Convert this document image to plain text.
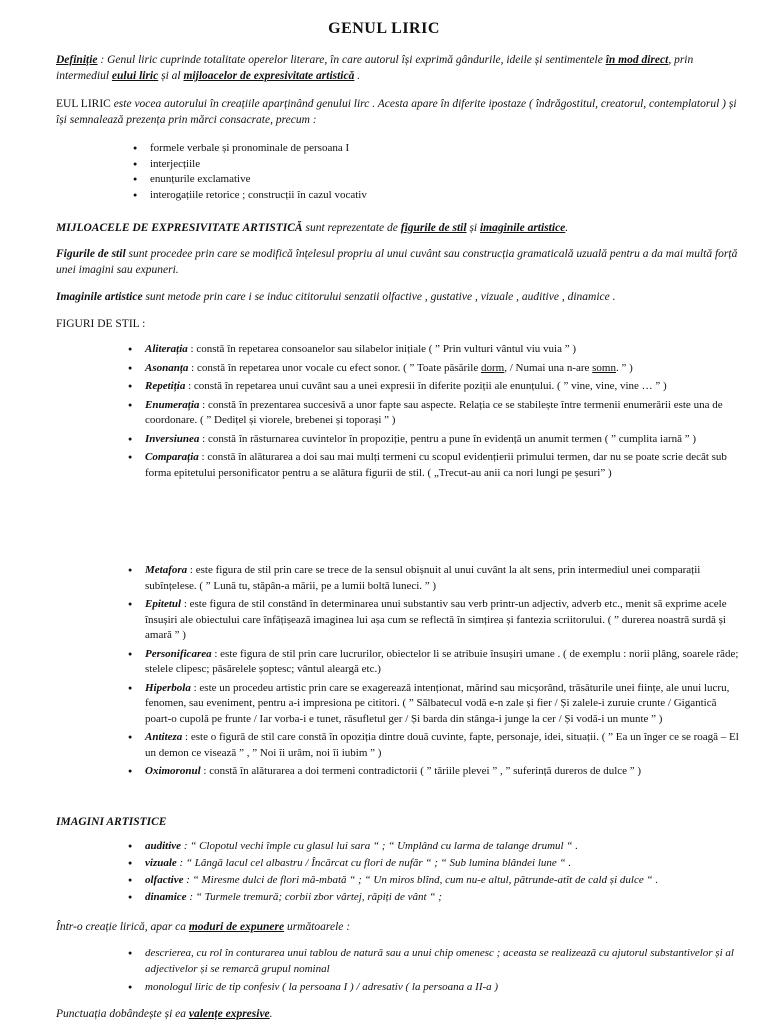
GENUL LIRIC

Definiție : Genul liric cuprinde totalitate operelor literare, în care autorul își exprimă gândurile, ideile și sentimentele în mod direct, prin intermediul eului liric și al mijloacelor de expresivitate artistică .

EUL LIRIC este vocea autorului în creațiile aparținând genului lirc . Acesta apare în diferite ipostaze ( îndrăgostitul, creatorul, contemplatorul ) și își semnalează prezența prin mărci consacrate, precum :

● formele verbale și pronominale de persoana I
● interjecțiile
● enunțurile exclamative
● interogațiile retorice ; construcții în cazul vocativ

MIJLOACELE DE EXPRESIVITATE ARTISTICĂ sunt reprezentate de figurile de stil și imaginile artistice.

Figurile de stil sunt procedee prin care se modifică înțelesul propriu al unui cuvânt sau construcția gramaticală uzuală pentru a da mai multă forță unei imagini sau expuneri.

Imaginile artistice sunt metode prin care i se induc cititorului senzatii olfactive , gustative , vizuale , auditive , dinamice .

FIGURI DE STIL :

● Aliterația : constă în repetarea consoanelor sau silabelor inițiale ( ” Prin vulturi vântul viu vuia ” )
● Asonanța : constă în repetarea unor vocale cu efect sonor. ( ” Toate păsările dorm, / Numai una n-are somn. ” )
● Repetiția : constă în repetarea unui cuvânt sau a unei expresii în diferite poziții ale enunțului. ( ” vine, vine, vine … ” )
● Enumerația : constă în prezentarea succesivă a unor fapte sau aspecte. Relația ce se stabilește între termenii enumerării este una de coordonare. ( ” Dedițel și viorele, brebenei și toporași ” )
● Inversiunea : constă în răsturnarea cuvintelor în propoziție, pentru a pune în evidență un anumit termen ( ” cumplita iarnă ” )
● Comparația : constă în alăturarea a doi sau mai mulți termeni cu scopul evidențierii primului termen, dar nu se poate scrie decât sub forma epitetului personificator pentru a se alătura figurii de stil. ( „Trecut-au anii ca nori lungi pe șesuri” )
● Metafora : este figura de stil prin care se trece de la sensul obișnuit al unui cuvânt la alt sens, prin intermediul unei comparații subînțelese. ( ” Lună tu, stăpân-a mării, pe a lumii boltă luneci. ” )
● Epitetul : este figura de stil constând în determinarea unui substantiv sau verb printr-un adjectiv, adverb etc., menit să exprime acele însușiri ale obiectului care înfățișează imaginea lui așa cum se reflectă în simțirea și fantezia scriitorului. ( ” durerea noastră surdă și amară ” )
● Personificarea : este figura de stil prin care lucrurilor, obiectelor li se atribuie însușiri umane . ( de exemplu : norii plâng, soarele râde; stelele clipesc; păsărelele șoptesc; vântul aleargă etc.)
● Hiperbola : este un procedeu artistic prin care se exagerează intenționat, mărind sau micșorând, trăsăturile unei ființe, ale unui lucru, fenomen, sau eveniment, pentru a-i impresiona pe cititori. ( ” Sălbatecul vodă e-n zale și fier / Și zalele-i zuruie crunte / Gigantică poart-o cupolă pe frunte / Iar vorba-i e tunet, răsufletul ger / Și barda din stânga-i junge la cer / Și vodă-i un munte ” )
● Antiteza : este o figură de stil care constă în opoziția dintre două cuvinte, fapte, personaje, idei, situații. ( ” Ea un înger ce se roagă – El un demon ce visează ” , ” Noi îi urâm, noi îi iubim ” )
● Oximoronul : constă în alăturarea a doi termeni contradictorii ( ” tăriile plevei ” , ” suferință dureros de dulce ” )

IMAGINI ARTISTICE

● auditive : “ Clopotul vechi împle cu glasul lui sara “ ; “ Umplând cu larma de talange drumul “ .
● vizuale : “ Lângă lacul cel albastru / Încărcat cu flori de nufăr “ ; “ Sub lumina blândei lune “ .
● olfactive : “ Miresme dulci de flori mă-mbată “ ; “ Un miros blînd, cum nu-e altul, pătrunde-atît de cald și dulce “ .
● dinamice : “ Turmele tremură; corbii zbor vârtej, răpiți de vânt “ ;

Într-o creație lirică, apar ca moduri de expunere următoarele :

● descrierea, cu rol în conturarea unui tablou de natură sau a unui chip omenesc ; aceasta se realizează cu ajutorul substantivelor și al adjectivelor și se remarcă grupul nominal
● monologul liric de tip confesiv ( la persoana I ) / adresativ ( la persoana a II-a )

Punctuația dobândește și ea valențe expresive.
